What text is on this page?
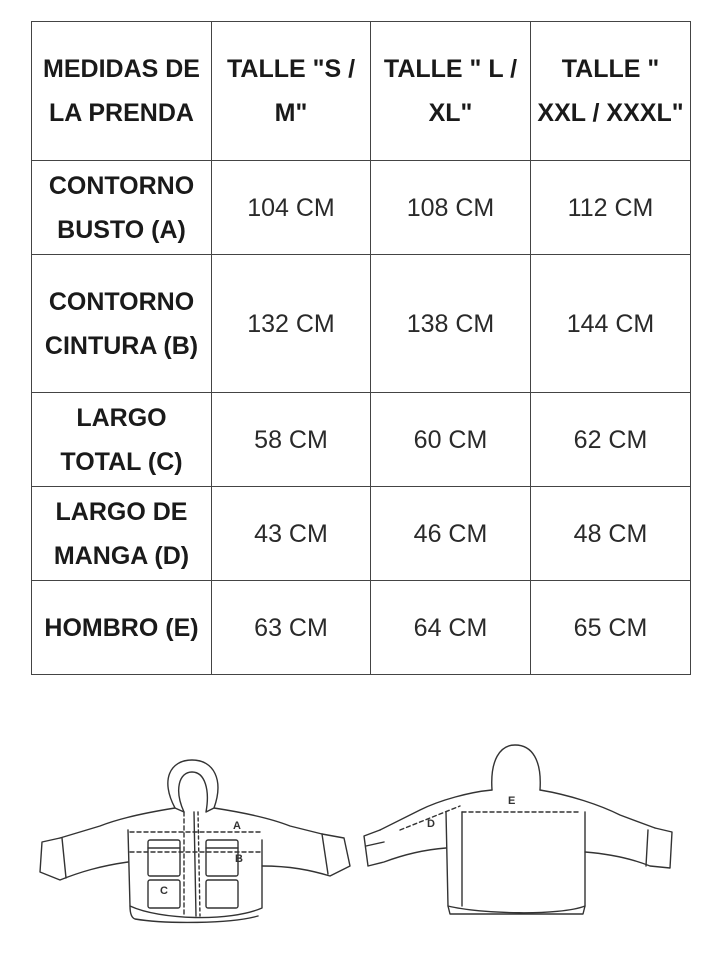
MEDIDAS DE LA PRENDA	TALLE "S / M"	TALLE " L / XL"	TALLE " XXL / XXXL"
CONTORNO BUSTO (A)	104 CM	108 CM	112 CM
CONTORNO CINTURA (B)	132 CM	138 CM	144 CM
LARGO TOTAL (C)	58 CM	60 CM	62 CM
LARGO DE MANGA (D)	43 CM	46 CM	48 CM
HOMBRO (E)	63 CM	64 CM	65 CM
A
B
C
D
E
